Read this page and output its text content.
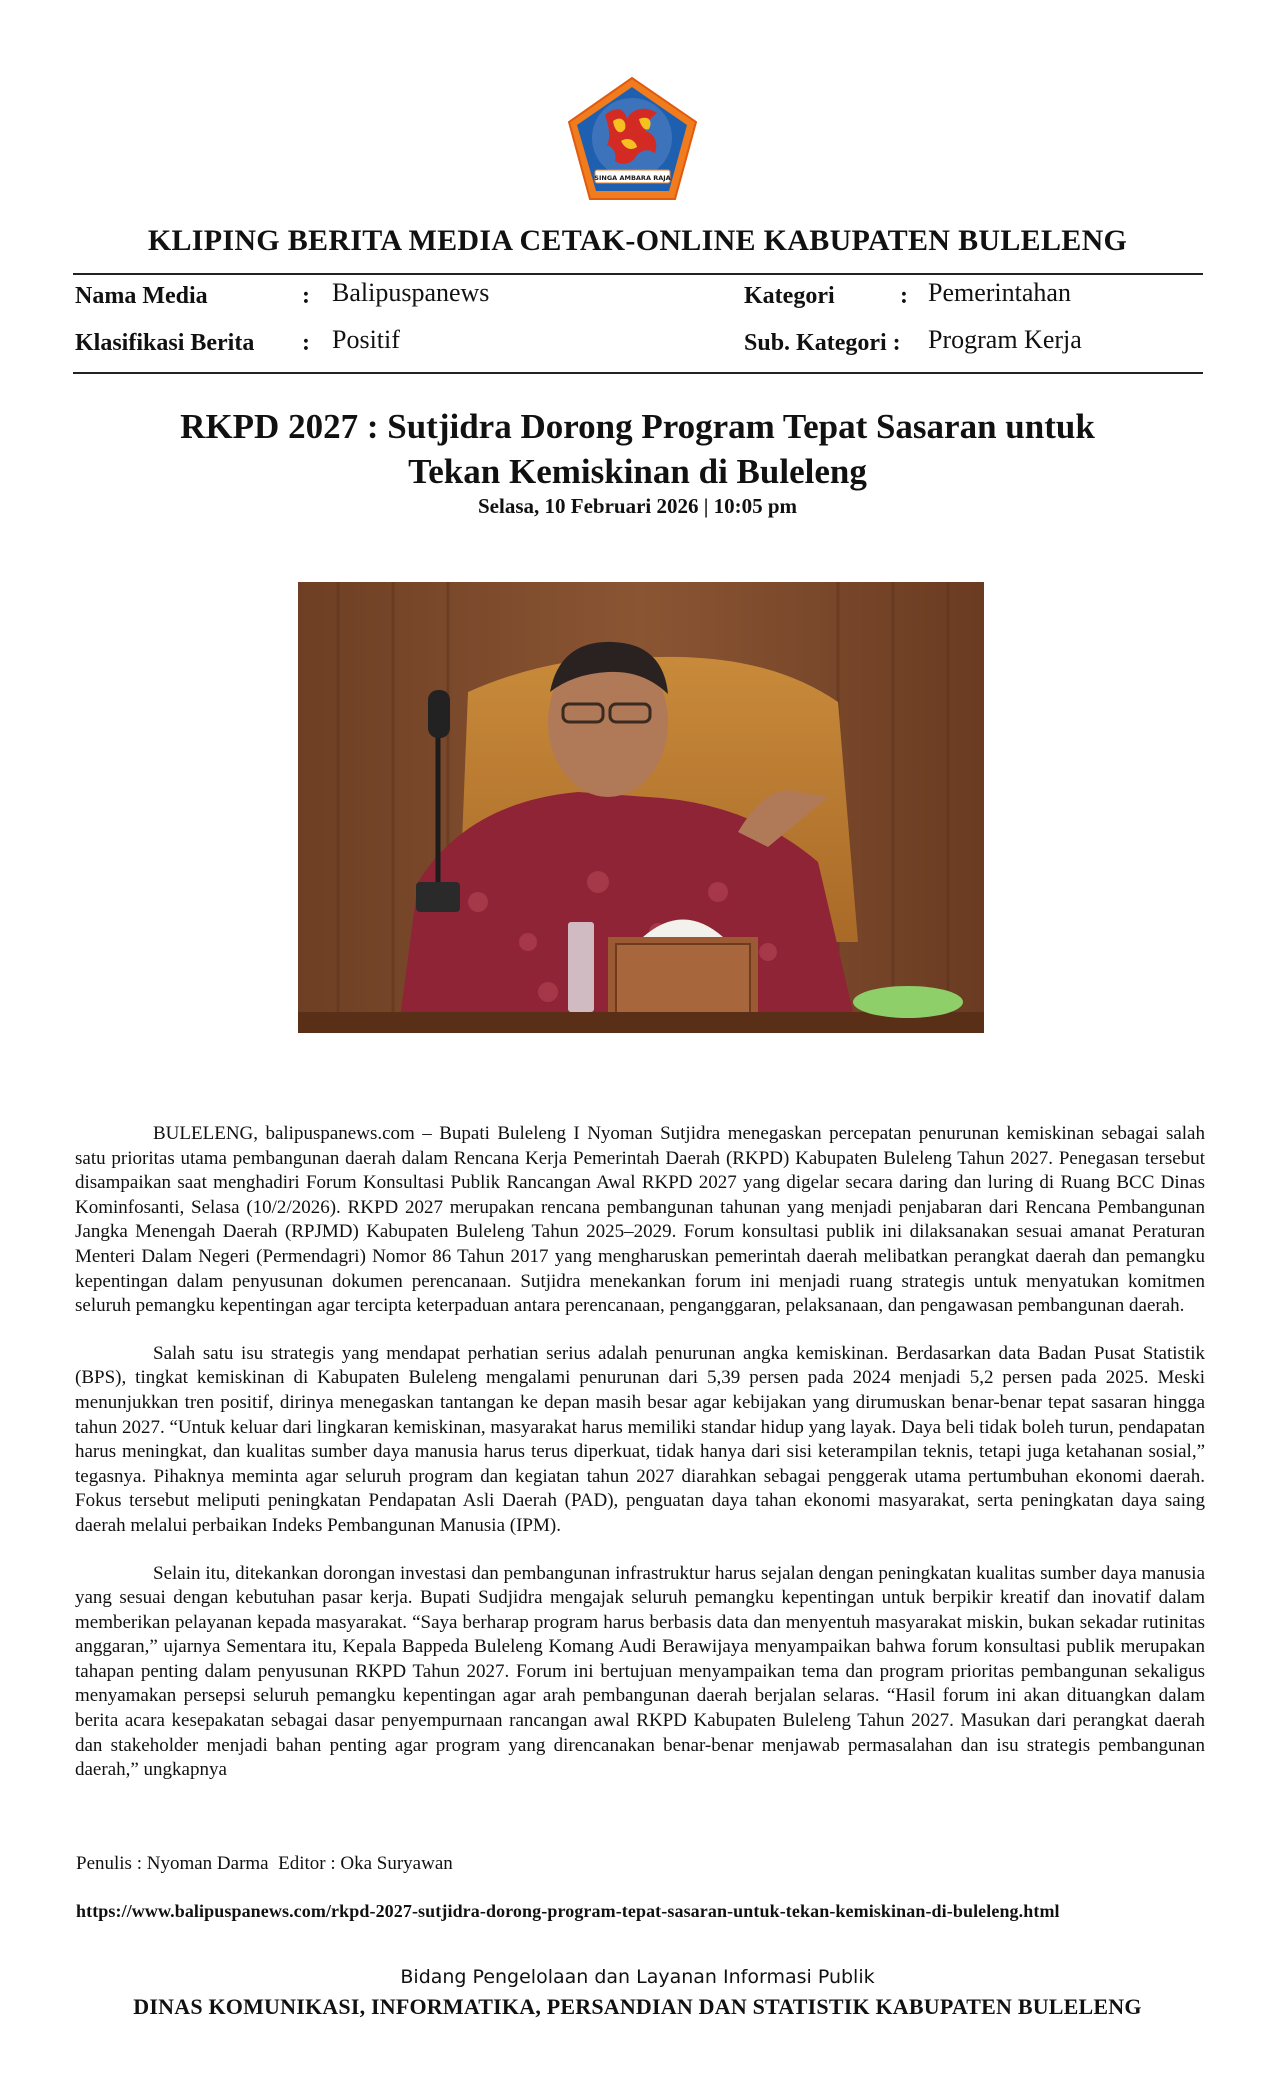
SINGA AMBARA RAJA
KLIPING BERITA MEDIA CETAK-ONLINE KABUPATEN BULELENG
Nama Media	: Balipuspanews	Kategori	: Pemerintahan
Klasifikasi Berita : Positif	Sub. Kategori : Program Kerja
RKPD 2027 : Sutjidra Dorong Program Tepat Sasaran untuk
Tekan Kemiskinan di Buleleng
Selasa, 10 Februari 2026 | 10:05 pm

BULELENG, balipuspanews.com – Bupati Buleleng I Nyoman Sutjidra menegaskan percepatan penurunan kemiskinan sebagai salah satu prioritas utama pembangunan daerah dalam Rencana Kerja Pemerintah Daerah (RKPD) Kabupaten Buleleng Tahun 2027. Penegasan tersebut disampaikan saat menghadiri Forum Konsultasi Publik Rancangan Awal RKPD 2027 yang digelar secara daring dan luring di Ruang BCC Dinas Kominfosanti, Selasa (10/2/2026). RKPD 2027 merupakan rencana pembangunan tahunan yang menjadi penjabaran dari Rencana Pembangunan Jangka Menengah Daerah (RPJMD) Kabupaten Buleleng Tahun 2025–2029. Forum konsultasi publik ini dilaksanakan sesuai amanat Peraturan Menteri Dalam Negeri (Permendagri) Nomor 86 Tahun 2017 yang mengharuskan pemerintah daerah melibatkan perangkat daerah dan pemangku kepentingan dalam penyusunan dokumen perencanaan. Sutjidra menekankan forum ini menjadi ruang strategis untuk menyatukan komitmen seluruh pemangku kepentingan agar tercipta keterpaduan antara perencanaan, penganggaran, pelaksanaan, dan pengawasan pembangunan daerah.

Salah satu isu strategis yang mendapat perhatian serius adalah penurunan angka kemiskinan. Berdasarkan data Badan Pusat Statistik (BPS), tingkat kemiskinan di Kabupaten Buleleng mengalami penurunan dari 5,39 persen pada 2024 menjadi 5,2 persen pada 2025. Meski menunjukkan tren positif, dirinya menegaskan tantangan ke depan masih besar agar kebijakan yang dirumuskan benar-benar tepat sasaran hingga tahun 2027. “Untuk keluar dari lingkaran kemiskinan, masyarakat harus memiliki standar hidup yang layak. Daya beli tidak boleh turun, pendapatan harus meningkat, dan kualitas sumber daya manusia harus terus diperkuat, tidak hanya dari sisi keterampilan teknis, tetapi juga ketahanan sosial,” tegasnya. Pihaknya meminta agar seluruh program dan kegiatan tahun 2027 diarahkan sebagai penggerak utama pertumbuhan ekonomi daerah. Fokus tersebut meliputi peningkatan Pendapatan Asli Daerah (PAD), penguatan daya tahan ekonomi masyarakat, serta peningkatan daya saing daerah melalui perbaikan Indeks Pembangunan Manusia (IPM).

Selain itu, ditekankan dorongan investasi dan pembangunan infrastruktur harus sejalan dengan peningkatan kualitas sumber daya manusia yang sesuai dengan kebutuhan pasar kerja. Bupati Sudjidra mengajak seluruh pemangku kepentingan untuk berpikir kreatif dan inovatif dalam memberikan pelayanan kepada masyarakat. “Saya berharap program harus berbasis data dan menyentuh masyarakat miskin, bukan sekadar rutinitas anggaran,” ujarnya Sementara itu, Kepala Bappeda Buleleng Komang Audi Berawijaya menyampaikan bahwa forum konsultasi publik merupakan tahapan penting dalam penyusunan RKPD Tahun 2027. Forum ini bertujuan menyampaikan tema dan program prioritas pembangunan sekaligus menyamakan persepsi seluruh pemangku kepentingan agar arah pembangunan daerah berjalan selaras. “Hasil forum ini akan dituangkan dalam berita acara kesepakatan sebagai dasar penyempurnaan rancangan awal RKPD Kabupaten Buleleng Tahun 2027. Masukan dari perangkat daerah dan stakeholder menjadi bahan penting agar program yang direncanakan benar-benar menjawab permasalahan dan isu strategis pembangunan daerah,” ungkapnya

Penulis : Nyoman Darma  Editor : Oka Suryawan
https://www.balipuspanews.com/rkpd-2027-sutjidra-dorong-program-tepat-sasaran-untuk-tekan-kemiskinan-di-buleleng.html
Bidang Pengelolaan dan Layanan Informasi Publik
DINAS KOMUNIKASI, INFORMATIKA, PERSANDIAN DAN STATISTIK KABUPATEN BULELENG
